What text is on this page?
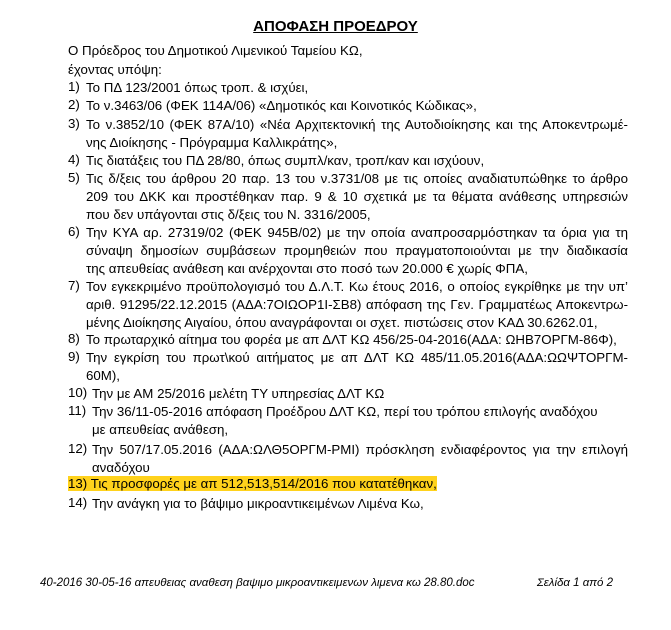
ΑΠΟΦΑΣΗ ΠΡΟΕΔΡΟΥ
Ο Πρόεδρος του Δημοτικού Λιμενικού Ταμείου ΚΩ,
έχοντας υπόψη:
1) Το ΠΔ 123/2001 όπως τροπ. & ισχύει,
2) Το ν.3463/06 (ΦΕΚ 114Α/06) «Δημοτικός και Κοινοτικός Κώδικας»,
3) Το ν.3852/10 (ΦΕΚ 87Α/10) «Νέα Αρχιτεκτονική της Αυτοδιοίκησης και της Αποκεντρωμέ-
νης Διοίκησης - Πρόγραμμα Καλλικράτης»,
4) Τις διατάξεις του ΠΔ 28/80, όπως συμπλ/καν, τροπ/καν και ισχύουν,
5) Τις δ/ξεις του άρθρου 20 παρ. 13 του ν.3731/08 με τις οποίες αναδιατυπώθηκε το άρθρο
209 του ΔΚΚ και προστέθηκαν παρ. 9 & 10 σχετικά με τα θέματα ανάθεσης υπηρεσιών
που δεν υπάγονται στις δ/ξεις του Ν. 3316/2005,
6) Την ΚΥΑ αρ. 27319/02 (ΦΕΚ 945Β/02) με την οποία αναπροσαρμόστηκαν τα όρια για τη
σύναψη δημοσίων συμβάσεων προμηθειών που πραγματοποιούνται με την διαδικασία
της απευθείας ανάθεση και ανέρχονται στο ποσό των 20.000 € χωρίς ΦΠΑ,
7) Τον εγκεκριμένο προϋπολογισμό του Δ.Λ.Τ. Κω έτους 2016, ο οποίος εγκρίθηκε με την υπ’
αριθ. 91295/22.12.2015 (ΑΔΑ:7ΟΙΩΟΡ1Ι-ΣΒ8) απόφαση της Γεν. Γραμματέως Αποκεντρω-
μένης Διοίκησης Αιγαίου, όπου αναγράφονται οι σχετ. πιστώσεις στον ΚΑΔ 30.6262.01,
8) Το πρωταρχικό αίτημα του φορέα με απ ΔΛΤ ΚΩ 456/25-04-2016(ΑΔΑ: ΩΗΒ7ΟΡΓΜ-86Φ),
9) Την εγκρίση του πρωτ\κού αιτήματος με απ ΔΛΤ ΚΩ 485/11.05.2016(ΑΔΑ:ΩΩΨΤΟΡΓΜ-
60Μ),
10) Την με ΑΜ 25/2016 μελέτη ΤΥ υπηρεσίας ΔΛΤ ΚΩ
11) Την 36/11-05-2016 απόφαση Προέδρου ΔΛΤ ΚΩ, περί του τρόπου επιλογής αναδόχου
με απευθείας ανάθεση,
12) Την 507/17.05.2016 (ΑΔΑ:ΩΛΘ5ΟΡΓΜ-ΡΜΙ) πρόσκληση ενδιαφέροντος για την επιλογή
αναδόχου
13) Τις προσφορές με απ 512,513,514/2016 που κατατέθηκαν,
14) Την ανάγκη για το βάψιμο μικροαντικειμένων Λιμένα Κω,
40-2016 30-05-16 απευθειας αναθεση βαψιμο μικροαντικειμενων λιμενα κω 28.80.doc	Σελίδα 1 από 2
